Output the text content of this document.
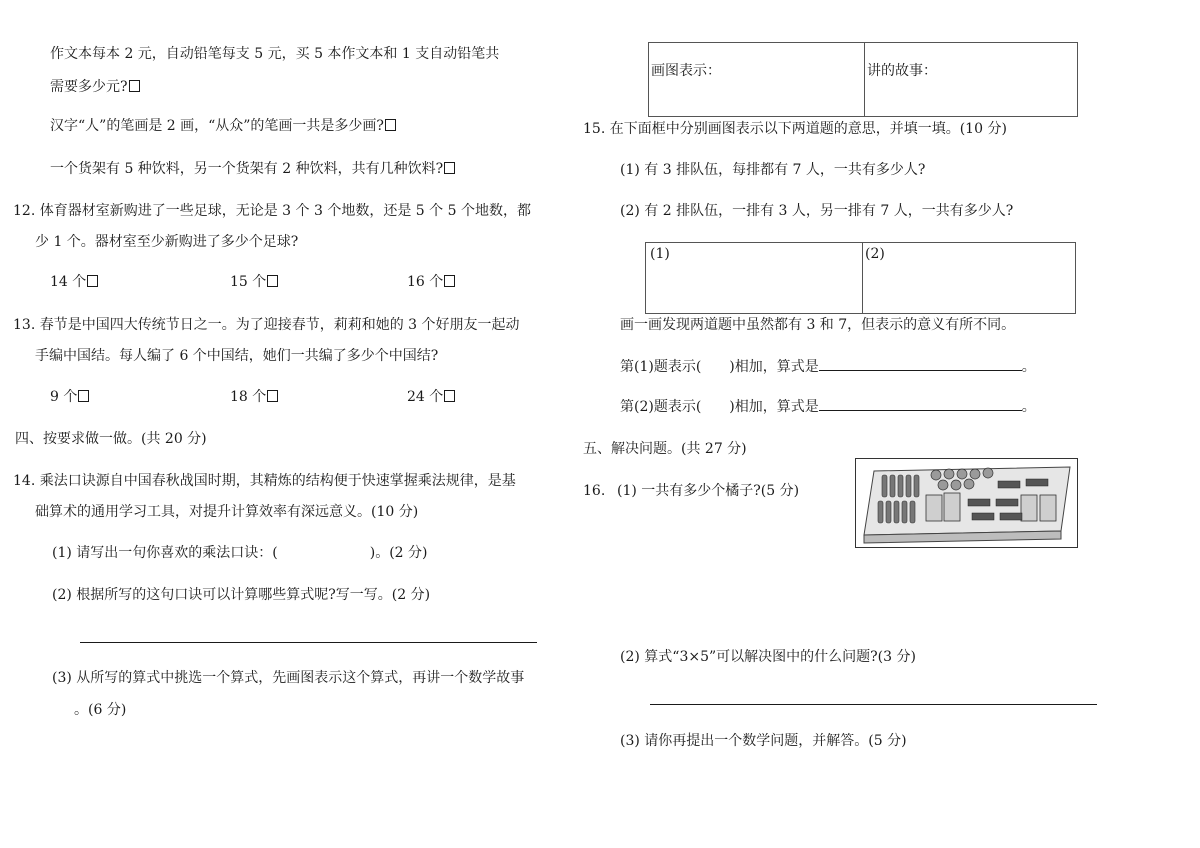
作文本每本 2 元，自动铅笔每支 5 元，买 5 本作文本和 1 支自动铅笔共
需要多少元?
汉字“人”的笔画是 2 画，“从众”的笔画一共是多少画?
一个货架有 5 种饮料，另一个货架有 2 种饮料，共有几种饮料?
12. 体育器材室新购进了一些足球，无论是 3 个 3 个地数，还是 5 个 5 个地数，都
少 1 个。器材室至少新购进了多少个足球?
14 个	15 个	16 个
13. 春节是中国四大传统节日之一。为了迎接春节，莉莉和她的 3 个好朋友一起动
手编中国结。每人编了 6 个中国结，她们一共编了多少个中国结?
9 个	18 个	24 个
四、按要求做一做。(共 20 分)
14. 乘法口诀源自中国春秋战国时期，其精炼的结构便于快速掌握乘法规律，是基
础算术的通用学习工具，对提升计算效率有深远意义。(10 分)
(1) 请写出一句你喜欢的乘法口诀：(	)。(2 分)
(2) 根据所写的这句口诀可以计算哪些算式呢?写一写。(2 分)
(3) 从所写的算式中挑选一个算式，先画图表示这个算式，再讲一个数学故事
。(6 分)
画图表示：	讲的故事：
15. 在下面框中分别画图表示以下两道题的意思，并填一填。(10 分)
(1) 有 3 排队伍，每排都有 7 人，一共有多少人?
(2) 有 2 排队伍，一排有 3 人，另一排有 7 人，一共有多少人?
(1)	(2)
画一画发现两道题中虽然都有 3 和 7，但表示的意义有所不同。
第(1)题表示( )相加，算式是	。
第(2)题表示( )相加，算式是	。
五、解决问题。(共 27 分)
16. (1) 一共有多少个橘子?(5 分)
(2) 算式“3×5”可以解决图中的什么问题?(3 分)
(3) 请你再提出一个数学问题，并解答。(5 分)
